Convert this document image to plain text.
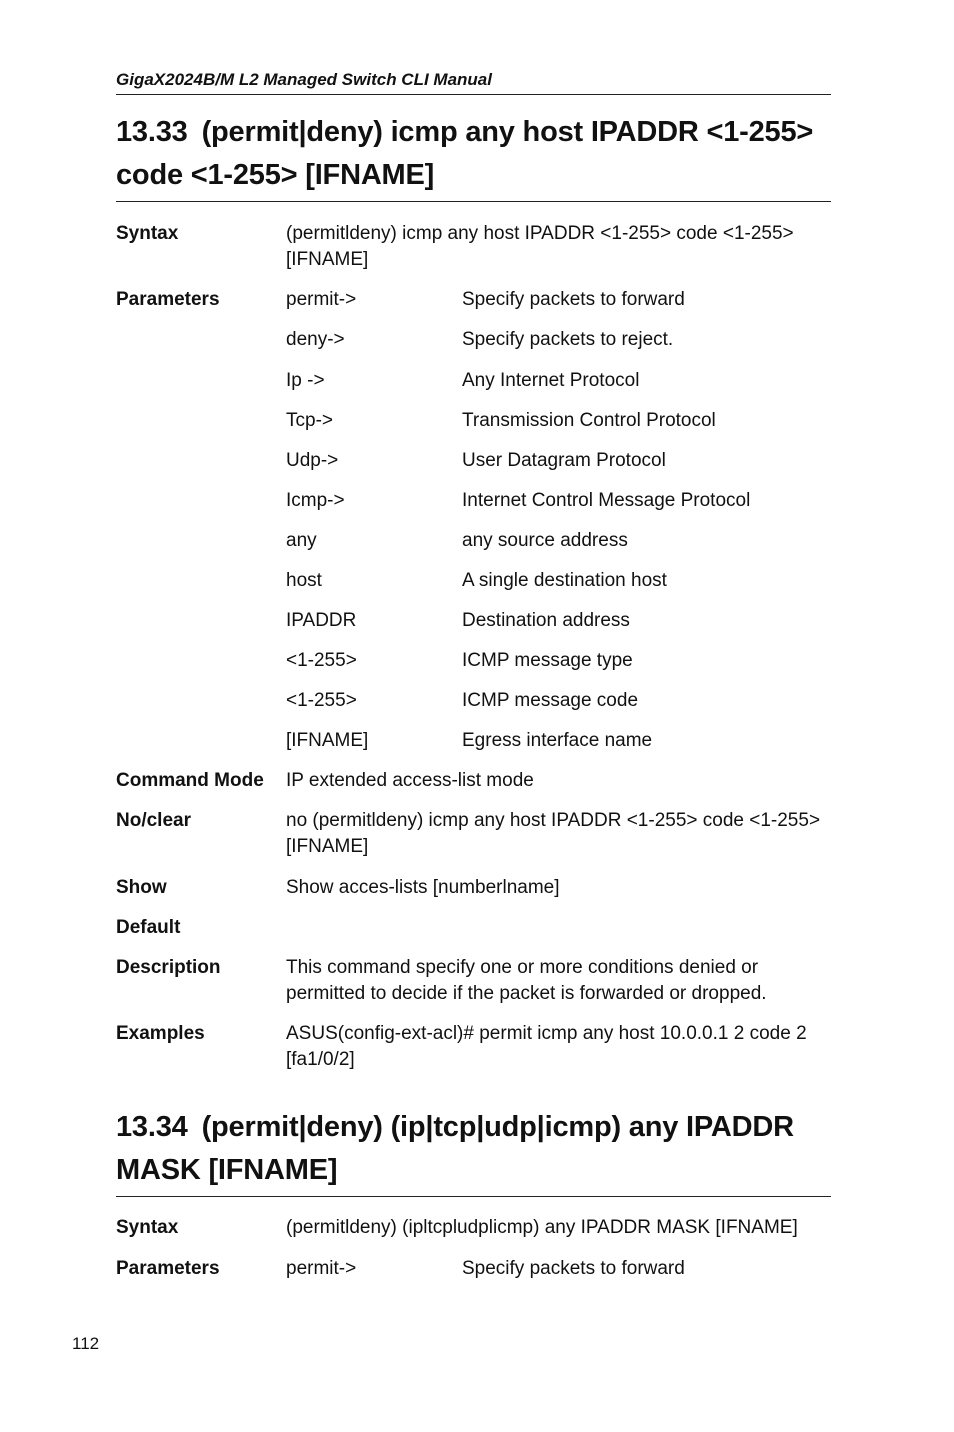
GigaX2024B/M L2 Managed Switch CLI Manual
13.33 (permit|deny) icmp any host IPADDR <1-255> code <1-255> [IFNAME]
Syntax	(permitldeny) icmp any host IPADDR <1-255> code <1-255> [IFNAME]
Parameters	permit->	Specify packets to forward
deny->	Specify packets to reject.
Ip ->	Any Internet Protocol
Tcp->	Transmission Control Protocol
Udp->	User Datagram Protocol
Icmp->	Internet Control Message Protocol
any	any source address
host	A single destination host
IPADDR	Destination address
<1-255>	ICMP message type
<1-255>	ICMP message code
[IFNAME]	Egress interface name
Command Mode	IP extended access-list mode
No/clear	no (permitldeny) icmp any host IPADDR <1-255> code <1-255> [IFNAME]
Show	Show acces-lists [numberlname]
Default
Description	This command specify one or more conditions denied or permitted to decide if the packet is forwarded or dropped.
Examples	ASUS(config-ext-acl)# permit icmp any host 10.0.0.1 2 code 2 [fa1/0/2]
13.34 (permit|deny) (ip|tcp|udp|icmp) any IPADDR MASK [IFNAME]
Syntax	(permitldeny) (ipltcpludplicmp) any IPADDR MASK [IFNAME]
Parameters	permit->	Specify packets to forward
112
